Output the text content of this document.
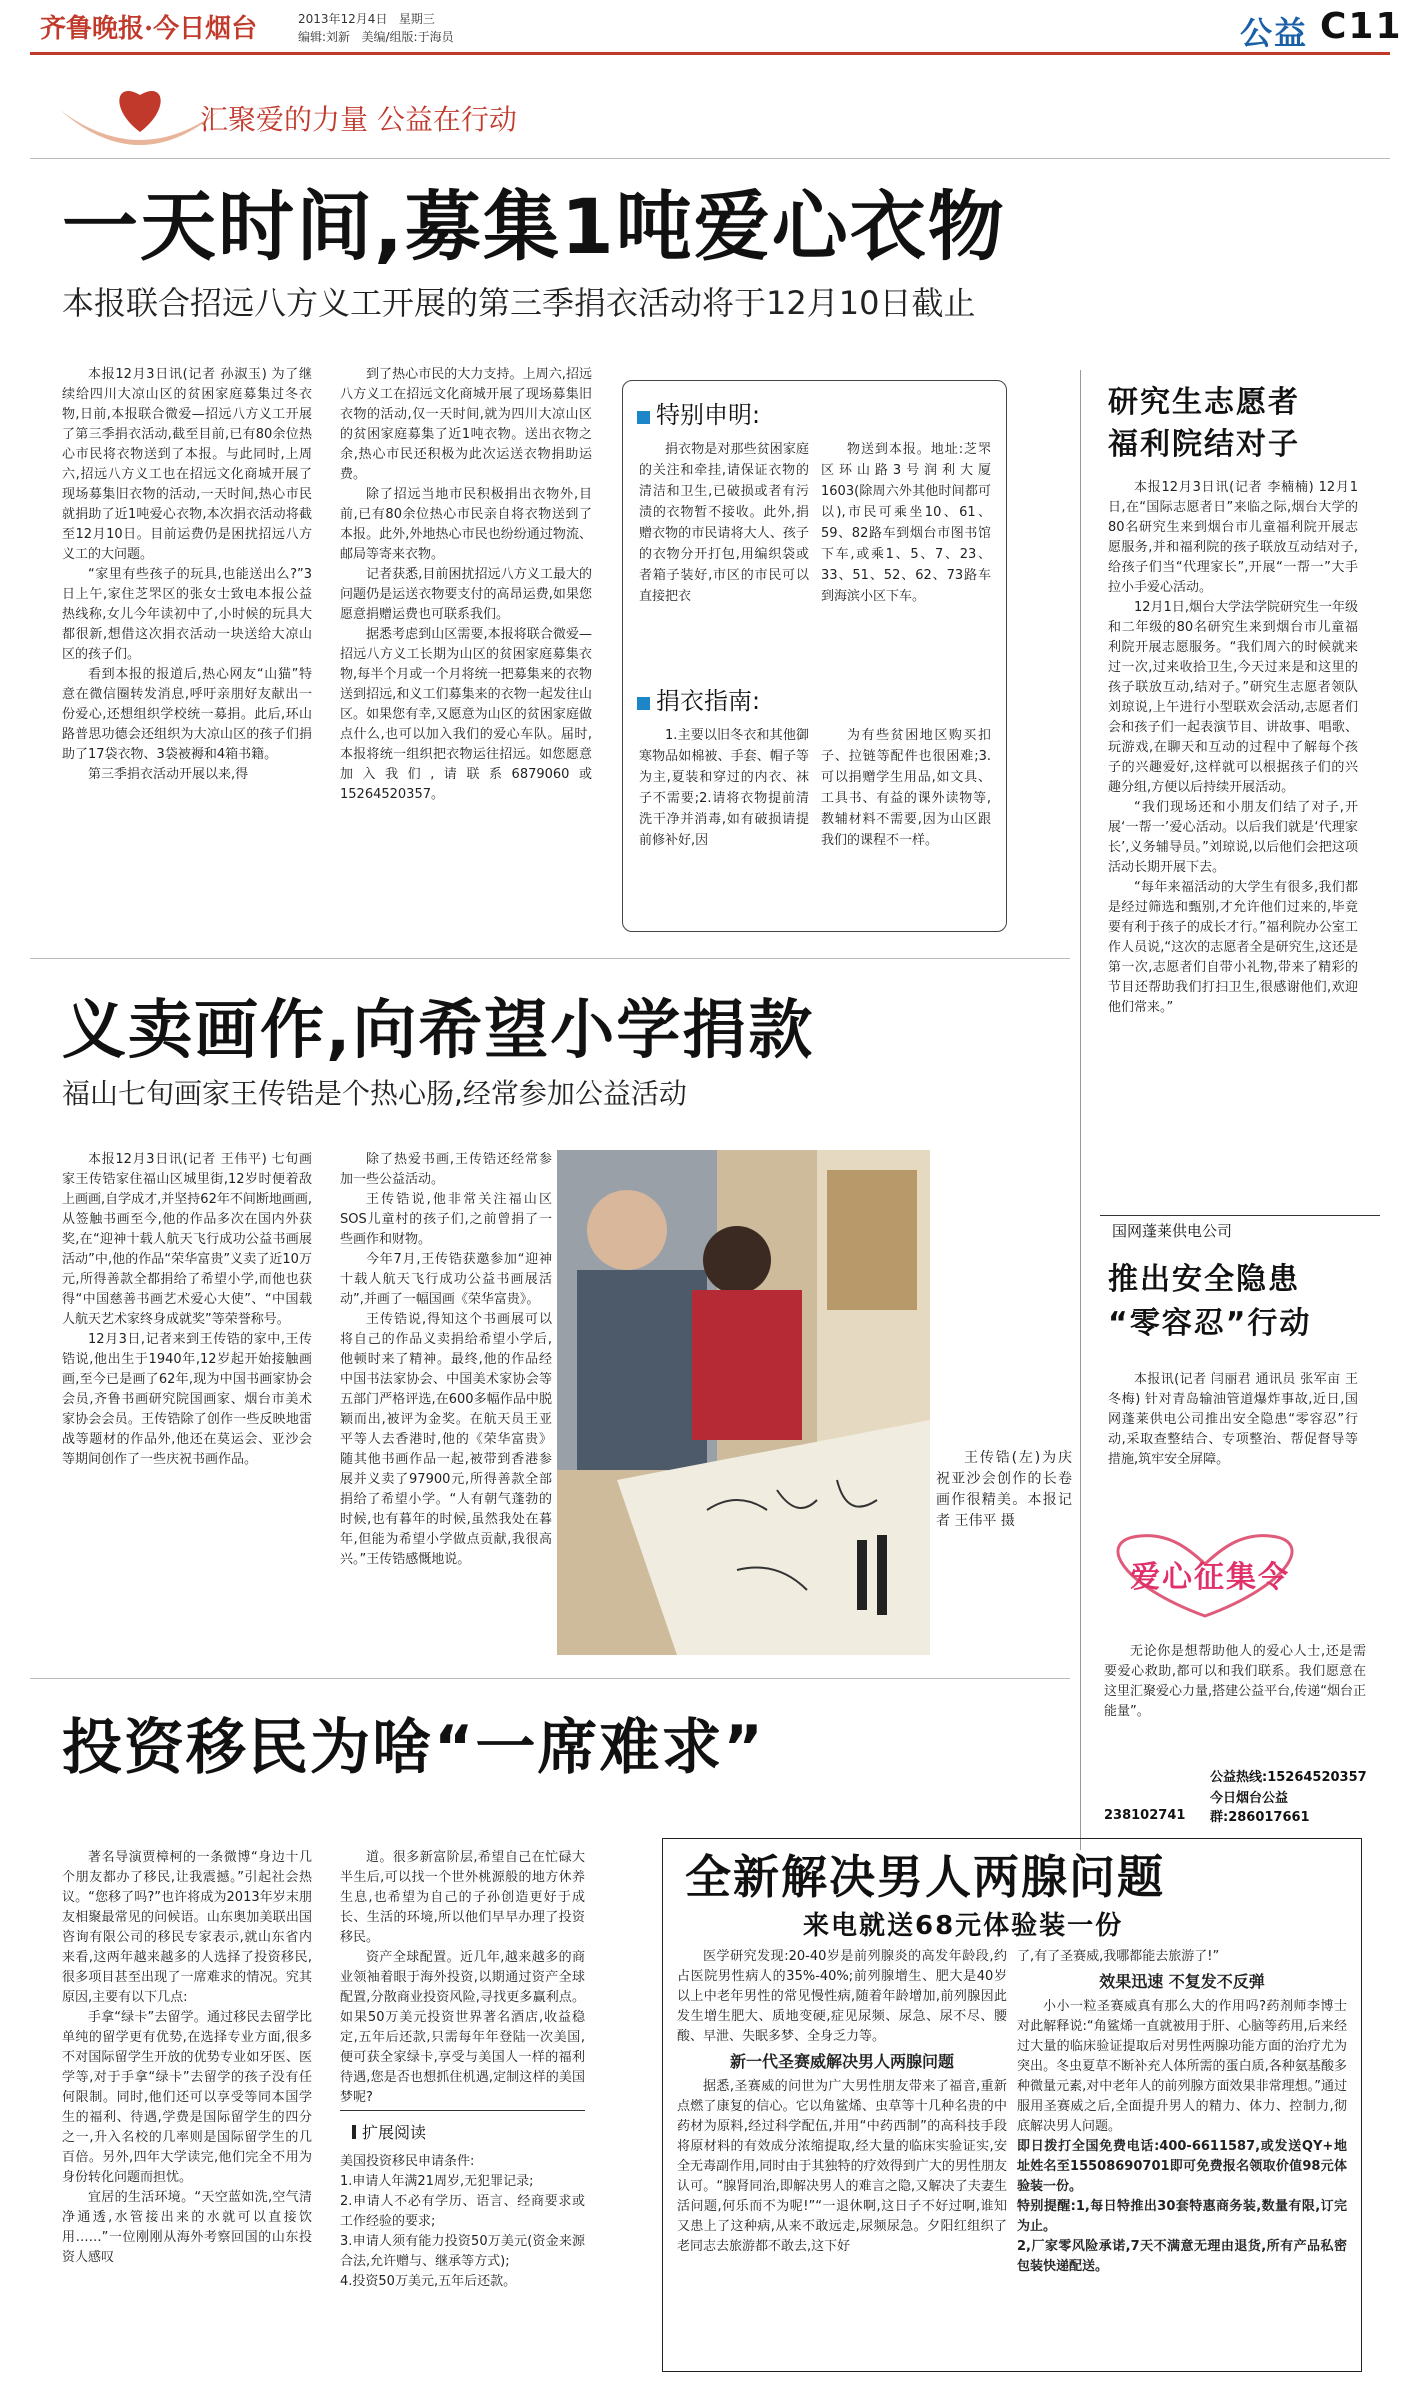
齐鲁晚报·今日烟台	2013年12月4日 星期三
编辑:刘新 美编/组版:于海员	公益 C11
汇聚爱的力量 公益在行动
一天时间,募集1吨爱心衣物
本报联合招远八方义工开展的第三季捐衣活动将于12月10日截止

本报12月3日讯(记者 孙淑玉) 为了继续给四川大凉山区的贫困家庭募集过冬衣物,日前,本报联合微爱—招远八方义工开展了第三季捐衣活动,截至目前,已有80余位热心市民将衣物送到了本报。与此同时,上周六,招远八方义工也在招远文化商城开展了现场募集旧衣物的活动,一天时间,热心市民就捐助了近1吨爱心衣物,本次捐衣活动将截至12月10日。目前运费仍是困扰招远八方义工的大问题。

“家里有些孩子的玩具,也能送出么?”3日上午,家住芝罘区的张女士致电本报公益热线称,女儿今年读初中了,小时候的玩具大都很新,想借这次捐衣活动一块送给大凉山区的孩子们。

看到本报的报道后,热心网友“山猫”特意在微信圈转发消息,呼吁亲朋好友献出一份爱心,还想组织学校统一募捐。此后,环山路普思功德会还组织为大凉山区的孩子们捐助了17袋衣物、3袋被褥和4箱书籍。

第三季捐衣活动开展以来,得

到了热心市民的大力支持。上周六,招远八方义工在招远文化商城开展了现场募集旧衣物的活动,仅一天时间,就为四川大凉山区的贫困家庭募集了近1吨衣物。送出衣物之余,热心市民还积极为此次运送衣物捐助运费。

除了招远当地市民积极捐出衣物外,目前,已有80余位热心市民亲自将衣物送到了本报。此外,外地热心市民也纷纷通过物流、邮局等寄来衣物。

记者获悉,目前困扰招远八方义工最大的问题仍是运送衣物要支付的高昂运费,如果您愿意捐赠运费也可联系我们。

据悉考虑到山区需要,本报将联合微爱—招远八方义工长期为山区的贫困家庭募集衣物,每半个月或一个月将统一把募集来的衣物送到招远,和义工们募集来的衣物一起发往山区。如果您有幸,又愿意为山区的贫困家庭做点什么,也可以加入我们的爱心车队。届时,本报将统一组织把衣物运往招远。如您愿意加入我们,请联系6879060或15264520357。

特别申明:

捐衣物是对那些贫困家庭的关注和牵挂,请保证衣物的清洁和卫生,已破损或者有污渍的衣物暂不接收。此外,捐赠衣物的市民请将大人、孩子的衣物分开打包,用编织袋或者箱子装好,市区的市民可以直接把衣

物送到本报。地址:芝罘区环山路3号润利大厦1603(除周六外其他时间都可以),市民可乘坐10、61、59、82路车到烟台市图书馆下车,或乘1、5、7、23、33、51、52、62、73路车到海滨小区下车。

捐衣指南:

1.主要以旧冬衣和其他御寒物品如棉被、手套、帽子等为主,夏装和穿过的内衣、袜子不需要;2.请将衣物提前清洗干净并消毒,如有破损请提前修补好,因

为有些贫困地区购买扣子、拉链等配件也很困难;3.可以捐赠学生用品,如文具、工具书、有益的课外读物等,教辅材料不需要,因为山区跟我们的课程不一样。

研究生志愿者
福利院结对子

本报12月3日讯(记者 李楠楠) 12月1日,在“国际志愿者日”来临之际,烟台大学的80名研究生来到烟台市儿童福利院开展志愿服务,并和福利院的孩子联放互动结对子,给孩子们当“代理家长”,开展“一帮一”大手拉小手爱心活动。

12月1日,烟台大学法学院研究生一年级和二年级的80名研究生来到烟台市儿童福利院开展志愿服务。“我们周六的时候就来过一次,过来收拾卫生,今天过来是和这里的孩子联放互动,结对子。”研究生志愿者领队刘琼说,上午进行小型联欢会活动,志愿者们会和孩子们一起表演节目、讲故事、唱歌、玩游戏,在聊天和互动的过程中了解每个孩子的兴趣爱好,这样就可以根据孩子们的兴趣分组,方便以后持续开展活动。

“我们现场还和小朋友们结了对子,开展‘一帮一’爱心活动。以后我们就是‘代理家长’,义务辅导员。”刘琼说,以后他们会把这项活动长期开展下去。

“每年来福活动的大学生有很多,我们都是经过筛选和甄别,才允许他们过来的,毕竟要有利于孩子的成长才行。”福利院办公室工作人员说,“这次的志愿者全是研究生,这还是第一次,志愿者们自带小礼物,带来了精彩的节目还帮助我们打扫卫生,很感谢他们,欢迎他们常来。”

国网蓬莱供电公司
推出安全隐患
“零容忍”行动

本报讯(记者 闫丽君 通讯员 张军亩 王冬梅) 针对青岛输油管道爆炸事故,近日,国网蓬莱供电公司推出安全隐患“零容忍”行动,采取查整结合、专项整治、帮促督导等措施,筑牢安全屏障。

爱心征集令

无论你是想帮助他人的爱心人士,还是需要爱心救助,都可以和我们联系。我们愿意在这里汇聚爱心力量,搭建公益平台,传递“烟台正能量”。

公益热线:15264520357
今日烟台公益群:286017661
238102741
义卖画作,向希望小学捐款
福山七旬画家王传锆是个热心肠,经常参加公益活动

本报12月3日讯(记者 王伟平) 七旬画家王传锆家住福山区城里街,12岁时便着敌上画画,自学成才,并坚持62年不间断地画画,从签触书画至今,他的作品多次在国内外获奖,在“迎神十载人航天飞行成功公益书画展活动”中,他的作品“荣华富贵”义卖了近10万元,所得善款全都捐给了希望小学,而他也获得“中国慈善书画艺术爱心大使”、“中国载人航天艺术家终身成就奖”等荣誉称号。

12月3日,记者来到王传锆的家中,王传锆说,他出生于1940年,12岁起开始接触画画,至今已是画了62年,现为中国书画家协会会员,齐鲁书画研究院国画家、烟台市美术家协会会员。王传锆除了创作一些反映地雷战等题材的作品外,他还在莫运会、亚沙会等期间创作了一些庆祝书画作品。

除了热爱书画,王传锆还经常参加一些公益活动。

王传锆说,他非常关注福山区SOS儿童村的孩子们,之前曾捐了一些画作和财物。

今年7月,王传锆获邀参加“迎神十载人航天飞行成功公益书画展活动”,并画了一幅国画《荣华富贵》。

王传锆说,得知这个书画展可以将自己的作品义卖捐给希望小学后,他顿时来了精神。最终,他的作品经中国书法家协会、中国美术家协会等五部门严格评选,在600多幅作品中脱颖而出,被评为金奖。在航天员王亚平等人去香港时,他的《荣华富贵》随其他书画作品一起,被带到香港参展并义卖了97900元,所得善款全部捐给了希望小学。“人有朝气蓬勃的时候,也有暮年的时候,虽然我处在暮年,但能为希望小学做点贡献,我很高兴。”王传锆感慨地说。

王传锆(左)为庆祝亚沙会创作的长卷画作很精美。本报记者 王伟平 摄

投资移民为啥“一席难求”

著名导演贾樟柯的一条微博“身边十几个朋友都办了移民,让我震撼。”引起社会热议。“您移了吗?”也许将成为2013年岁末朋友相聚最常见的问候语。山东奥加美联出国咨询有限公司的移民专家表示,就山东省内来看,这两年越来越多的人选择了投资移民,很多项目甚至出现了一席难求的情况。究其原因,主要有以下几点:

手拿“绿卡”去留学。通过移民去留学比单纯的留学更有优势,在选择专业方面,很多不对国际留学生开放的优势专业如牙医、医学等,对于手拿“绿卡”去留学的孩子没有任何限制。同时,他们还可以享受等同本国学生的福利、待遇,学费是国际留学生的四分之一,升入名校的几率则是国际留学生的几百倍。另外,四年大学读完,他们完全不用为身份转化问题而担忧。

宜居的生活环境。“天空蓝如洗,空气清净通透,水管接出来的水就可以直接饮用……”一位刚刚从海外考察回国的山东投资人感叹

道。很多新富阶层,希望自己在忙碌大半生后,可以找一个世外桃源般的地方休养生息,也希望为自己的子孙创造更好于成长、生活的环境,所以他们早早办理了投资移民。

资产全球配置。近几年,越来越多的商业领袖着眼于海外投资,以期通过资产全球配置,分散商业投资风险,寻找更多赢利点。如果50万美元投资世界著名酒店,收益稳定,五年后还款,只需每年年登陆一次美国,便可获全家绿卡,享受与美国人一样的福利待遇,您是否也想抓住机遇,定制这样的美国梦呢?

扩展阅读
美国投资移民申请条件:
1.申请人年满21周岁,无犯罪记录;
2.申请人不必有学历、语言、经商要求或工作经验的要求;
3.申请人须有能力投资50万美元(资金来源合法,允许赠与、继承等方式);
4.投资50万美元,五年后还款。
全新解决男人两腺问题
来电就送68元体验装一份

医学研究发现:20-40岁是前列腺炎的高发年龄段,约占医院男性病人的35%-40%;前列腺增生、肥大是40岁以上中老年男性的常见慢性病,随着年龄增加,前列腺因此发生增生肥大、质地变硬,症见尿频、尿急、尿不尽、腰酸、早泄、失眠多梦、全身乏力等。

新一代圣赛威解决男人两腺问题

据悉,圣赛威的问世为广大男性朋友带来了福音,重新点燃了康复的信心。它以角鲨烯、虫草等十几种名贵的中药材为原料,经过科学配伍,并用“中药西制”的高科技手段将原材料的有效成分浓缩提取,经大量的临床实验证实,安全无毒副作用,同时由于其独特的疗效得到广大的男性朋友认可。“腺肾同治,即解决男人的难言之隐,又解决了夫妻生活问题,何乐而不为呢!”“一退休啊,这日子不好过啊,谁知又患上了这种病,从来不敢远走,尿频尿急。夕阳红组织了老同志去旅游都不敢去,这下好

了,有了圣赛威,我哪都能去旅游了!”
效果迅速 不复发不反弹

小小一粒圣赛威真有那么大的作用吗?药剂师李博士对此解释说:“角鲨烯一直就被用于肝、心脑等药用,后来经过大量的临床验证提取后对男性两腺功能方面的治疗尤为突出。冬虫夏草不断补充人体所需的蛋白质,各种氨基酸多种微量元素,对中老年人的前列腺方面效果非常理想。”通过服用圣赛威之后,全面提升男人的精力、体力、控制力,彻底解决男人问题。

即日拨打全国免费电话:400-6611587,或发送QY+地址姓名至15508690701即可免费报名领取价值98元体验装一份。
特别提醒:1,每日特推出30套特惠商务装,数量有限,订完为止。
2,厂家零风险承诺,7天不满意无理由退货,所有产品私密包装快递配送。
